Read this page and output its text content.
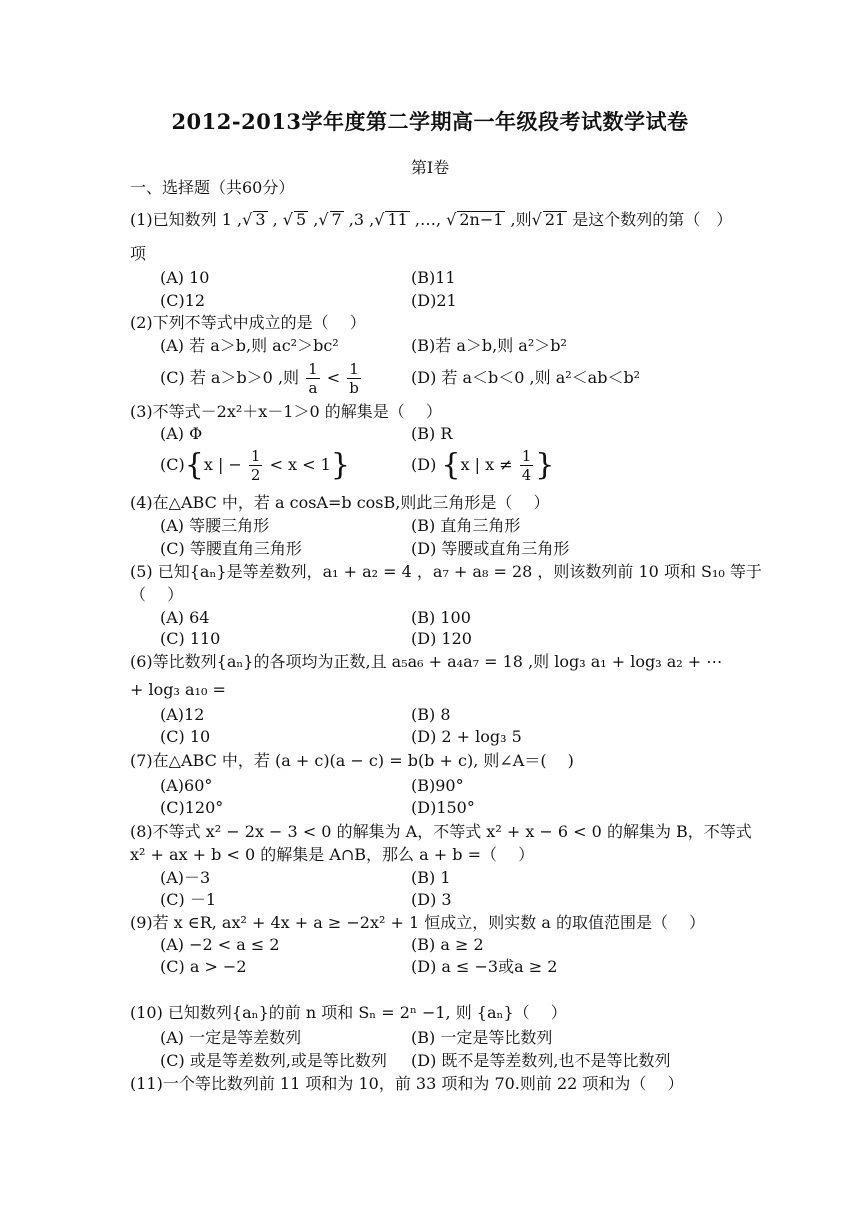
2012-2013学年度第二学期高一年级段考试数学试卷
第I卷
一、选择题（共60分）
(1)已知数列 1 ,√ 3 , √ 5 ,√ 7 ,3 ,√ 11 ,…, √ 2n−1 ,则√ 21 是这个数列的第（　）
项
(A) 10	(B)11
(C)12	(D)21
(2)下列不等式中成立的是（　 ）
(A) 若 a＞b,则 ac²＞bc²	(B)若 a＞b,则 a²＞b²
(C) 若 a＞b＞0 ,则 $\frac{1}{a} < \frac{1}{b}$	(D) 若 a＜b＜0 ,则 a²＜ab＜b²
(3)不等式－2x²＋x－1＞0 的解集是（　 ）
(A) Φ	(B) R
(C){x | − $\frac{1}{2} < x < 1$}	(D) {x | $x \ne \frac{1}{4}$ }
(4)在△ABC 中，若 a cosA=b cosB,则此三角形是（　 ）
(A) 等腰三角形	(B) 直角三角形
(C) 等腰直角三角形	(D) 等腰或直角三角形
(5) 已知{aₙ}是等差数列，a₁ + a₂ = 4 ，a₇ + a₈ = 28 ，则该数列前 10 项和 S₁₀ 等于
（　 ）
(A) 64	(B) 100
(C) 110	(D) 120
(6)等比数列{aₙ}的各项均为正数,且 a₅a₆ + a₄a₇ = 18 ,则 log₃ a₁ + log₃ a₂ + ⋯
+ log₃ a₁₀ =
(A)12	(B) 8
(C) 10	(D) 2 + log₃ 5
(7)在△ABC 中，若 (a + c)(a − c) = b(b + c), 则∠A＝(　 )
(A)60°	(B)90°
(C)120°	(D)150°
(8)不等式 x² − 2x − 3 < 0 的解集为 A，不等式 x² + x − 6 < 0 的解集为 B，不等式
x² + ax + b < 0 的解集是 A∩B，那么 a + b =（　 ）
(A)－3	(B) 1
(C) －1	(D) 3
(9)若 x ∈R, ax² + 4x + a ≥ −2x² + 1 恒成立，则实数 a 的取值范围是（　 ）
(A) −2 < a ≤ 2	(B) a ≥ 2
(C) a > −2	(D) a ≤ −3或a ≥ 2
(10) 已知数列{aₙ}的前 n 项和 Sₙ = 2ⁿ −1, 则 {aₙ}（　 ）
(A) 一定是等差数列	(B) 一定是等比数列
(C) 或是等差数列,或是等比数列 (D) 既不是等差数列,也不是等比数列
(11)一个等比数列前 11 项和为 10，前 33 项和为 70.则前 22 项和为（　 ）
